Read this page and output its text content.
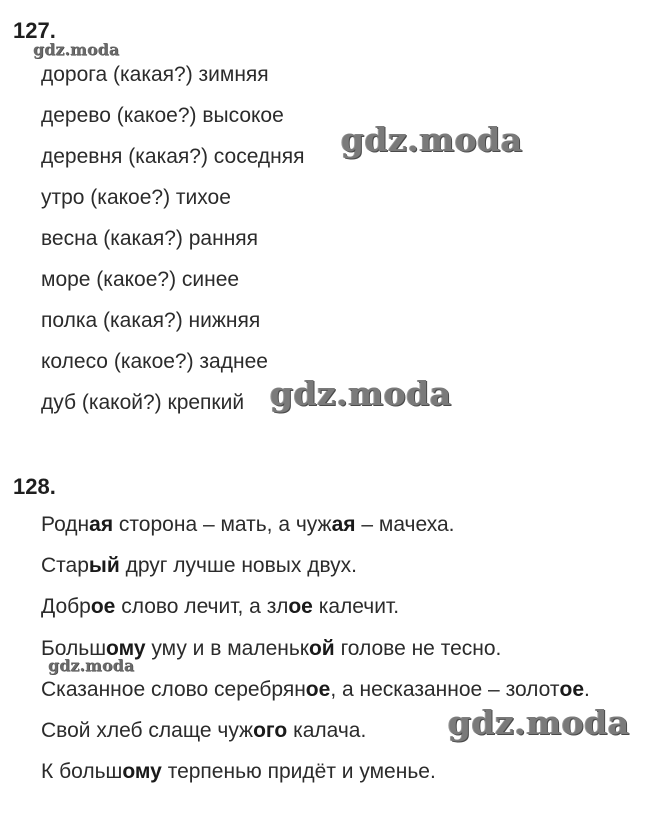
127.
дорога (какая?) зимняя
дерево (какое?) высокое
деревня (какая?) соседняя
утро (какое?) тихое
весна (какая?) ранняя
море (какое?) синее
полка (какая?) нижняя
колесо (какое?) заднее
дуб (какой?) крепкий
128.
Родная сторона – мать, а чужая – мачеха.
Старый друг лучше новых двух.
Доброе слово лечит, а злое калечит.
Большому уму и в маленькой голове не тесно.
Сказанное слово серебряное, а несказанное – золотое.
Свой хлеб слаще чужого калача.
К большому терпенью придёт и уменье.
gdz.moda
gdz.moda
gdz.moda
gdz.moda
gdz.moda
